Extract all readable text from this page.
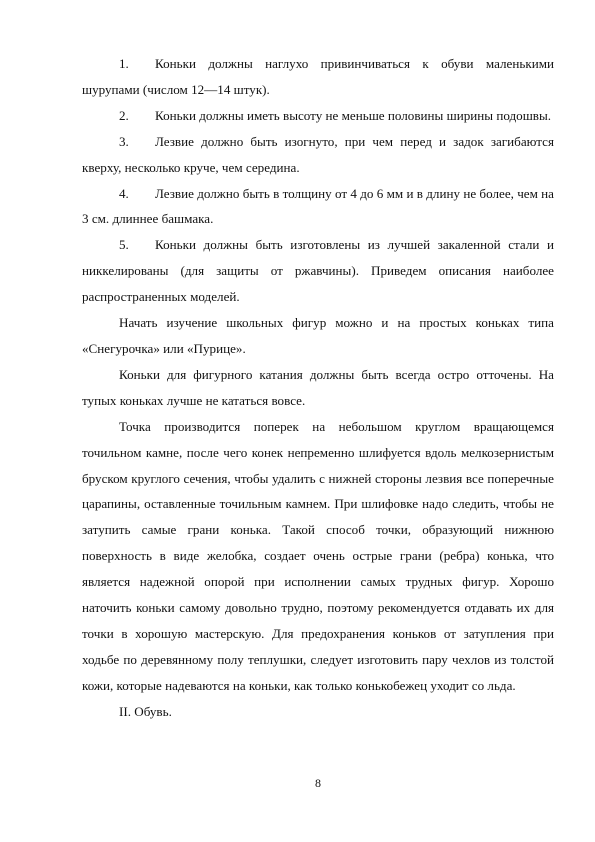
1. Коньки должны наглухо привинчиваться к обуви маленькими шурупами (числом 12—14 штук).

2. Коньки должны иметь высоту не меньше половины ширины подошвы.

3. Лезвие должно быть изогнуто, при чем перед и задок загибаются кверху, несколько круче, чем середина.

4. Лезвие должно быть в толщину от 4 до 6 мм и в длину не более, чем на 3 см. длиннее башмака.

5. Коньки должны быть изготовлены из лучшей закаленной стали и никкелированы (для защиты от ржавчины). Приведем описания наиболее распространенных моделей.

Начать изучение школьных фигур можно и на простых коньках типа «Снегурочка» или «Пурице».

Коньки для фигурного катания должны быть всегда остро отточены. На тупых коньках лучше не кататься вовсе.

Точка производится поперек на небольшом круглом вращающемся точильном камне, после чего конек непременно шлифуется вдоль мелкозернистым бруском круглого сечения, чтобы удалить с нижней стороны лезвия все поперечные царапины, оставленные точильным камнем. При шлифовке надо следить, чтобы не затупить самые грани конька. Такой способ точки, образующий нижнюю поверхность в виде желобка, создает очень острые грани (ребра) конька, что является надежной опорой при исполнении самых трудных фигур. Хорошо наточить коньки самому довольно трудно, поэтому рекомендуется отдавать их для точки в хорошую мастерскую. Для предохранения коньков от затупления при ходьбе по деревянному полу теплушки, следует изготовить пару чехлов из толстой кожи, которые надеваются на коньки, как только конькобежец уходит со льда.

II. Обувь.

8
